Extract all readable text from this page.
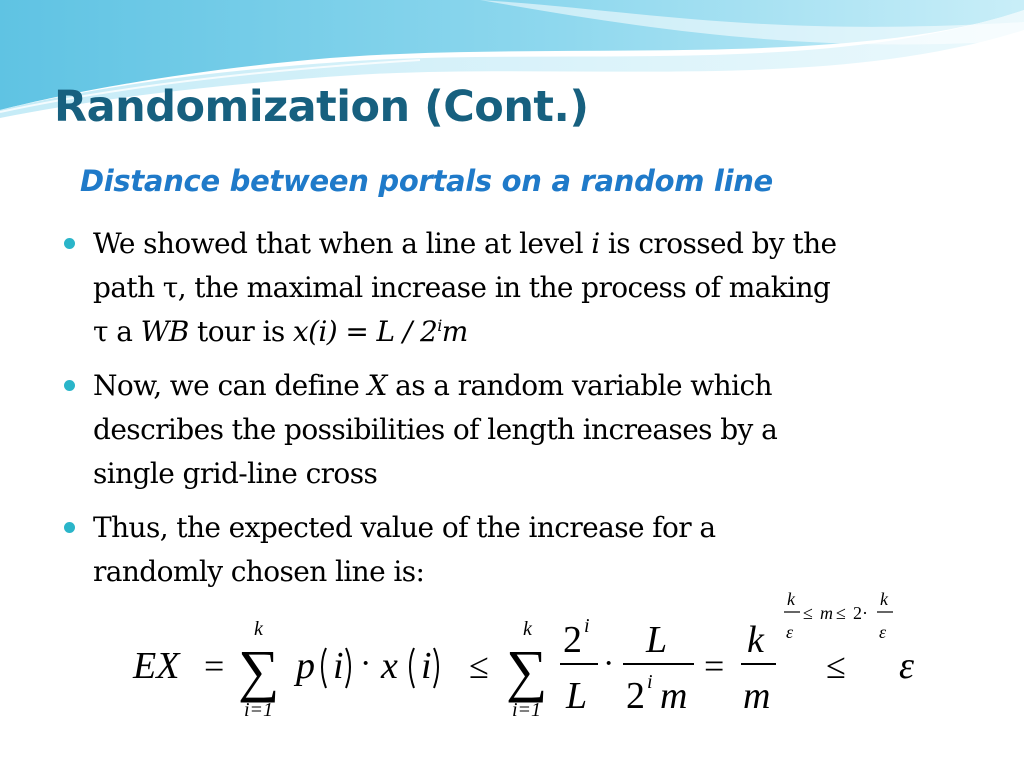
Randomization (Cont.)
Distance between portals on a random line
We showed that when a line at level i is crossed by the
path τ, the maximal increase in the process of making
τ a WB tour is x(i) = L / 2$^i$m
Now, we can define X as a random variable which
describes the possibilities of length increases by a
single grid-line cross
Thus, the expected value of the increase for a
randomly chosen line is:
EX = ∑
k
i=1
p i · x i ≤ ∑
k
i=1
2 i
L
·
L
2 i m
=
k
m
k
ε
≤ m ≤ 2·
k
ε
≤ ε
